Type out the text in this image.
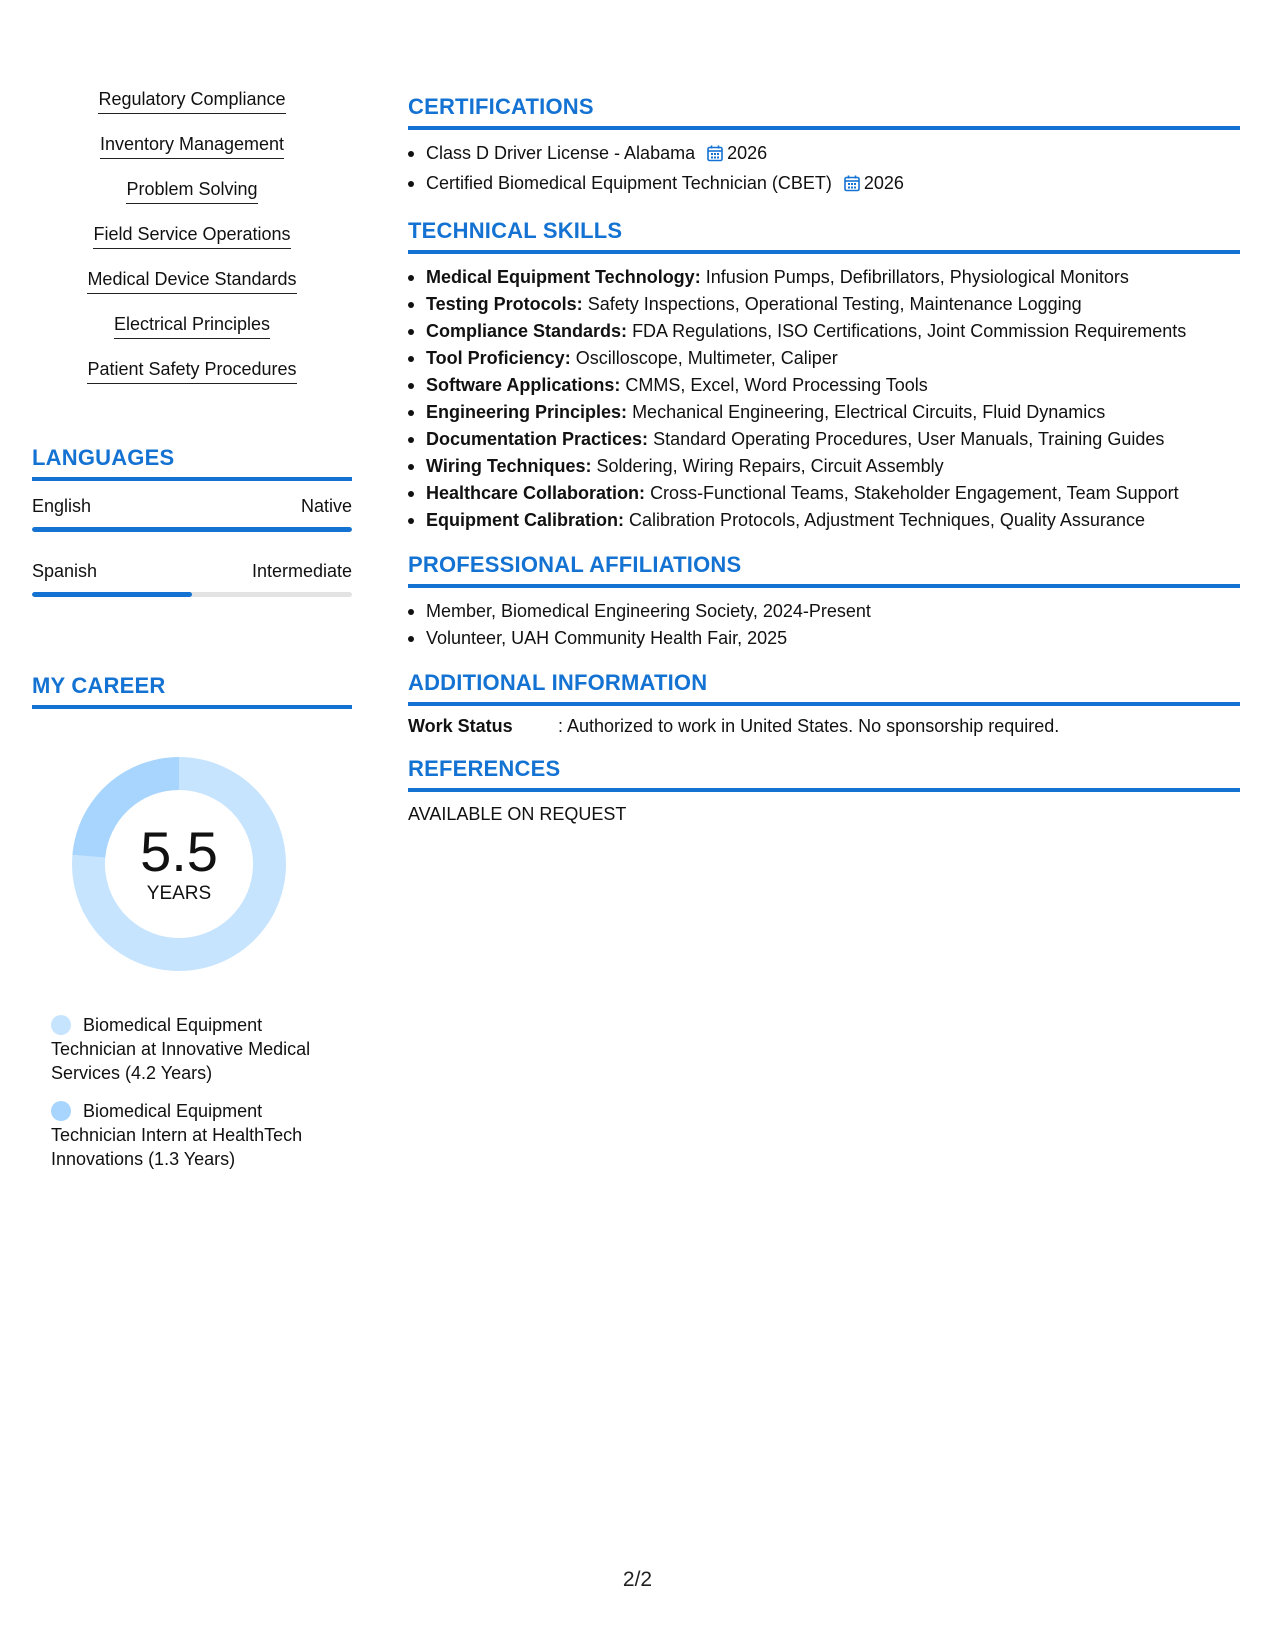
Regulatory Compliance
Inventory Management
Problem Solving
Field Service Operations
Medical Device Standards
Electrical Principles
Patient Safety Procedures
LANGUAGES
English	Native
Spanish	Intermediate
MY CAREER
5.5
YEARS
Biomedical Equipment Technician at Innovative Medical Services (4.2 Years)
Biomedical Equipment Technician Intern at HealthTech Innovations (1.3 Years)
CERTIFICATIONS
Class D Driver License - Alabama 2026
Certified Biomedical Equipment Technician (CBET) 2026
TECHNICAL SKILLS
Medical Equipment Technology: Infusion Pumps, Defibrillators, Physiological Monitors
Testing Protocols: Safety Inspections, Operational Testing, Maintenance Logging
Compliance Standards: FDA Regulations, ISO Certifications, Joint Commission Requirements
Tool Proficiency: Oscilloscope, Multimeter, Caliper
Software Applications: CMMS, Excel, Word Processing Tools
Engineering Principles: Mechanical Engineering, Electrical Circuits, Fluid Dynamics
Documentation Practices: Standard Operating Procedures, User Manuals, Training Guides
Wiring Techniques: Soldering, Wiring Repairs, Circuit Assembly
Healthcare Collaboration: Cross-Functional Teams, Stakeholder Engagement, Team Support
Equipment Calibration: Calibration Protocols, Adjustment Techniques, Quality Assurance
PROFESSIONAL AFFILIATIONS
Member, Biomedical Engineering Society, 2024-Present
Volunteer, UAH Community Health Fair, 2025
ADDITIONAL INFORMATION
Work Status	: Authorized to work in United States. No sponsorship required.
REFERENCES
AVAILABLE ON REQUEST
2/2
